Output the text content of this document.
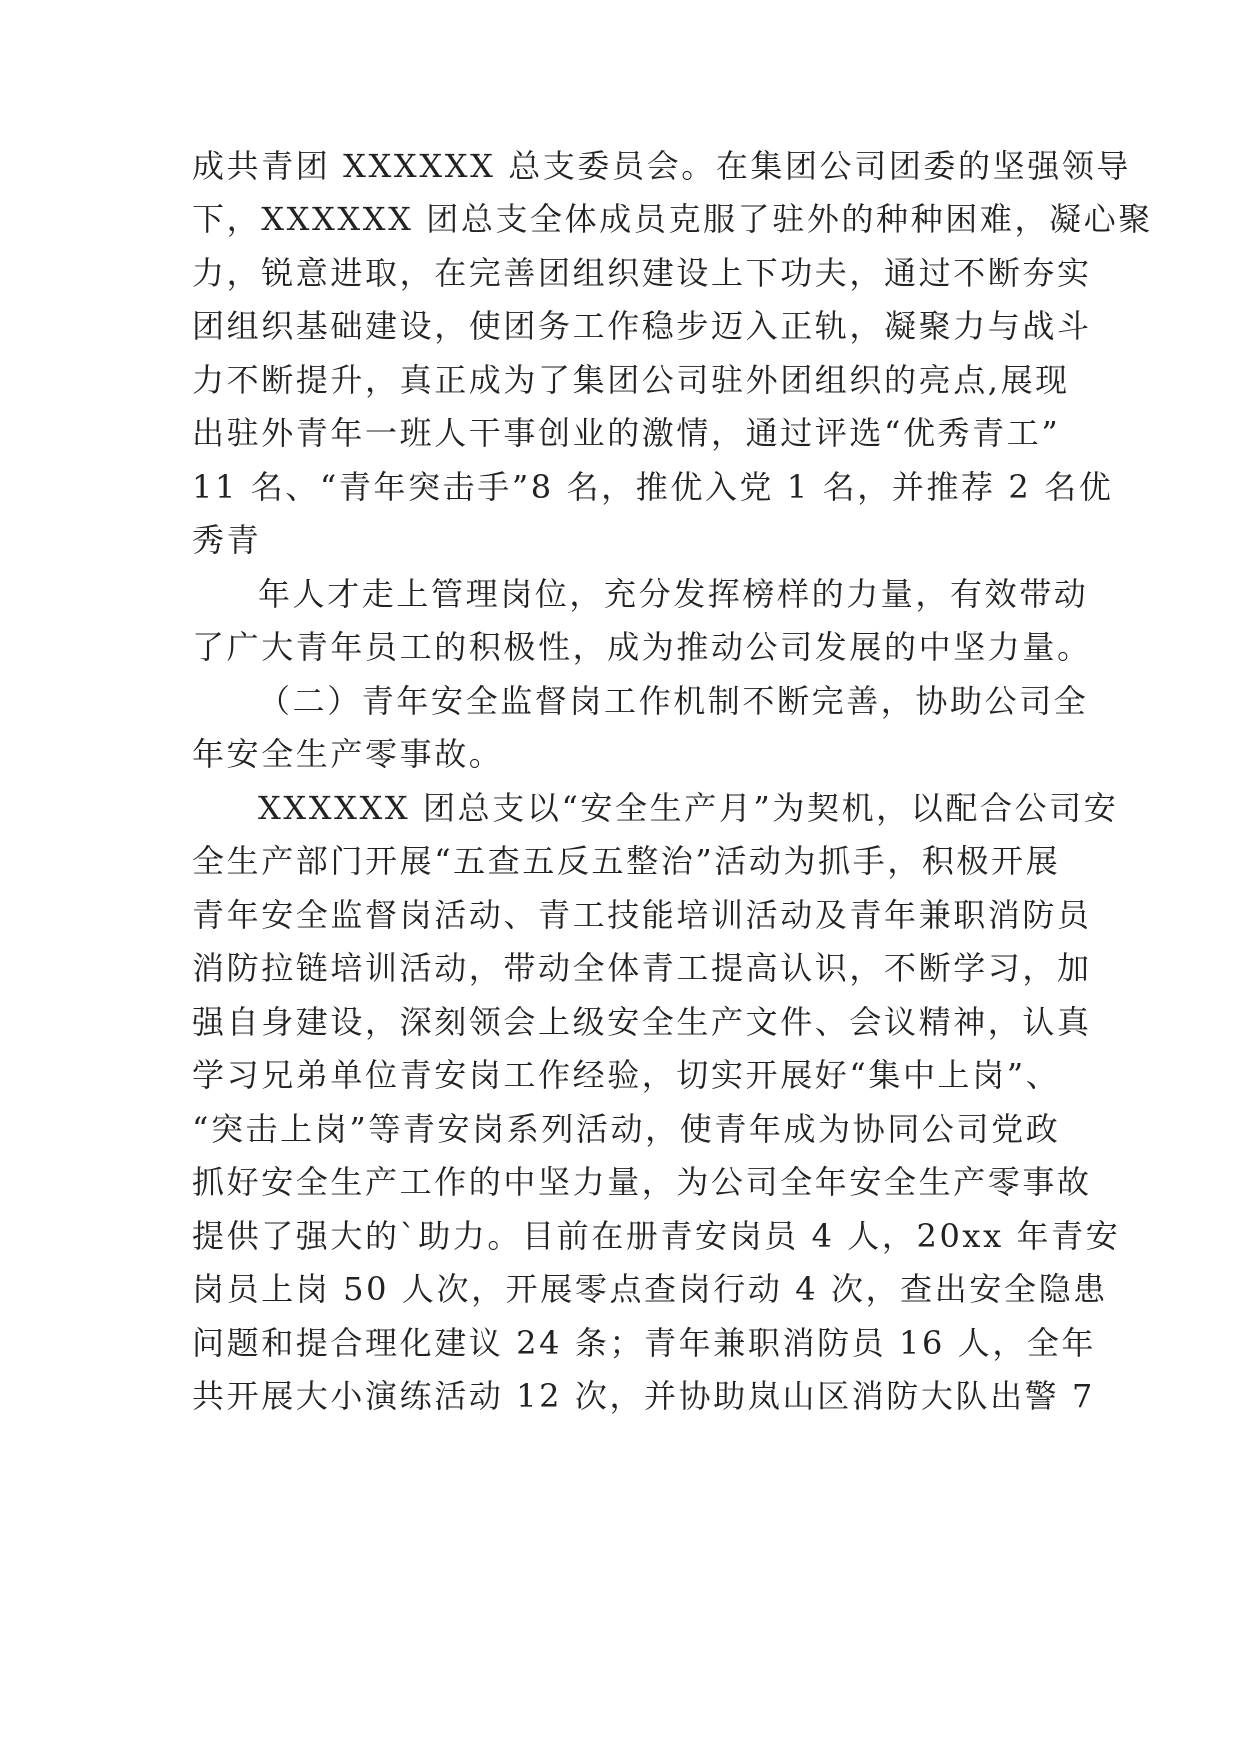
成共青团 XXXXXX 总支委员会。在集团公司团委的坚强领导
下，XXXXXX 团总支全体成员克服了驻外的种种困难，凝心聚
力，锐意进取，在完善团组织建设上下功夫，通过不断夯实
团组织基础建设，使团务工作稳步迈入正轨，凝聚力与战斗
力不断提升，真正成为了集团公司驻外团组织的亮点,展现
出驻外青年一班人干事创业的激情，通过评选“优秀青工”
11 名、“青年突击手”8 名，推优入党 1 名，并推荐 2 名优
秀青
年人才走上管理岗位，充分发挥榜样的力量，有效带动
了广大青年员工的积极性，成为推动公司发展的中坚力量。
（二）青年安全监督岗工作机制不断完善，协助公司全
年安全生产零事故。
XXXXXX 团总支以“安全生产月”为契机，以配合公司安
全生产部门开展“五查五反五整治”活动为抓手，积极开展
青年安全监督岗活动、青工技能培训活动及青年兼职消防员
消防拉链培训活动，带动全体青工提高认识，不断学习，加
强自身建设，深刻领会上级安全生产文件、会议精神，认真
学习兄弟单位青安岗工作经验，切实开展好“集中上岗”、
“突击上岗”等青安岗系列活动，使青年成为协同公司党政
抓好安全生产工作的中坚力量，为公司全年安全生产零事故
提供了强大的`助力。目前在册青安岗员 4 人，20xx 年青安
岗员上岗 50 人次，开展零点查岗行动 4 次，查出安全隐患
问题和提合理化建议 24 条；青年兼职消防员 16 人，全年
共开展大小演练活动 12 次，并协助岚山区消防大队出警 7
